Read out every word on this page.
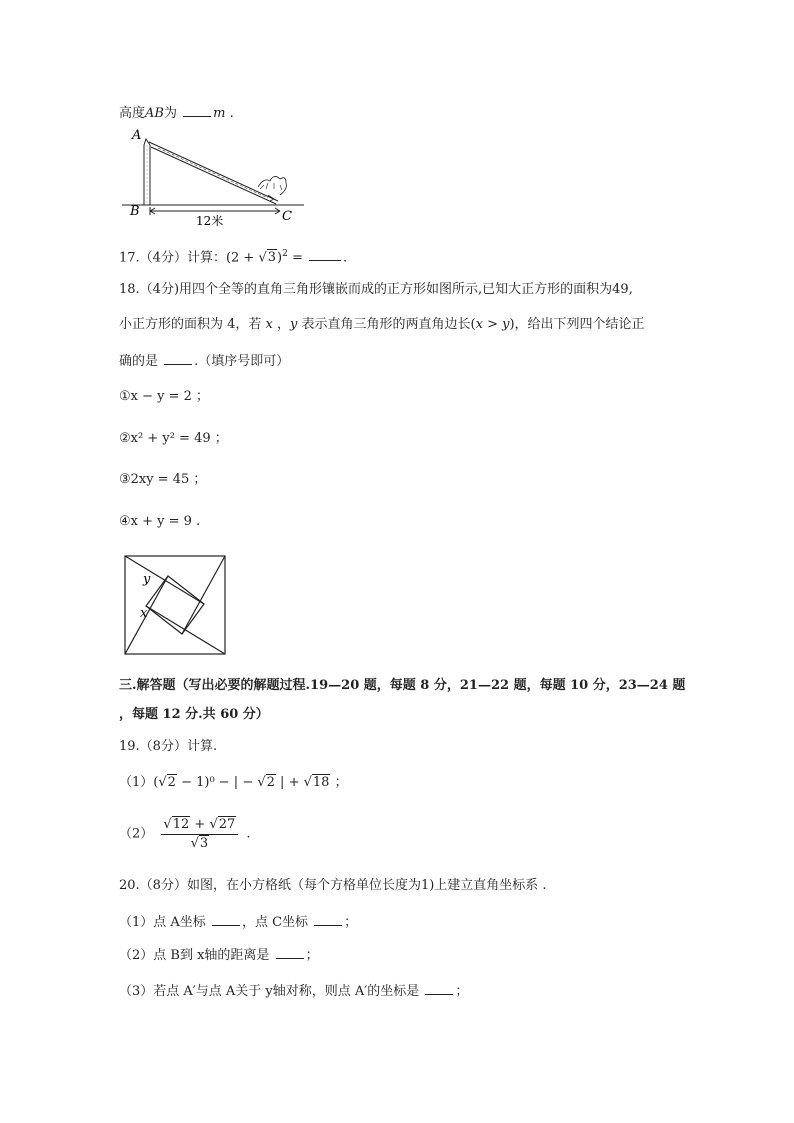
高度AB为	m .
A
B	C
12米
17.（4分）计算：$(2 + √3)^2$ =	.
18.（4分)用四个全等的直角三角形镶嵌而成的正方形如图所示,已知大正方形的面积为49,
小正方形的面积为 4，若 x ，y 表示直角三角形的两直角边长(x > y)，给出下列四个结论正
确的是 .（填序号即可）
①x − y = 2 ；
②x² + y² = 49 ；
③2xy = 45 ；
④x + y = 9 .
y
x
三.解答题（写出必要的解题过程.19—20 题，每题 8 分，21—22 题，每题 10 分，23—24 题
，每题 12 分.共 60 分）
19.（8分）计算.
（1）(√2 − 1)⁰ − | − √2 | + √18 ；
$(2) \frac{√12 + √27}{√3}$ .
20.（8分）如图，在小方格纸（每个方格单位长度为1)上建立直角坐标系 .
（1）点 A坐标 ，点 C坐标 ；
（2）点 B到 x轴的距离是 ；
（3）若点 A′与点 A关于 y轴对称，则点 A′的坐标是 ；
